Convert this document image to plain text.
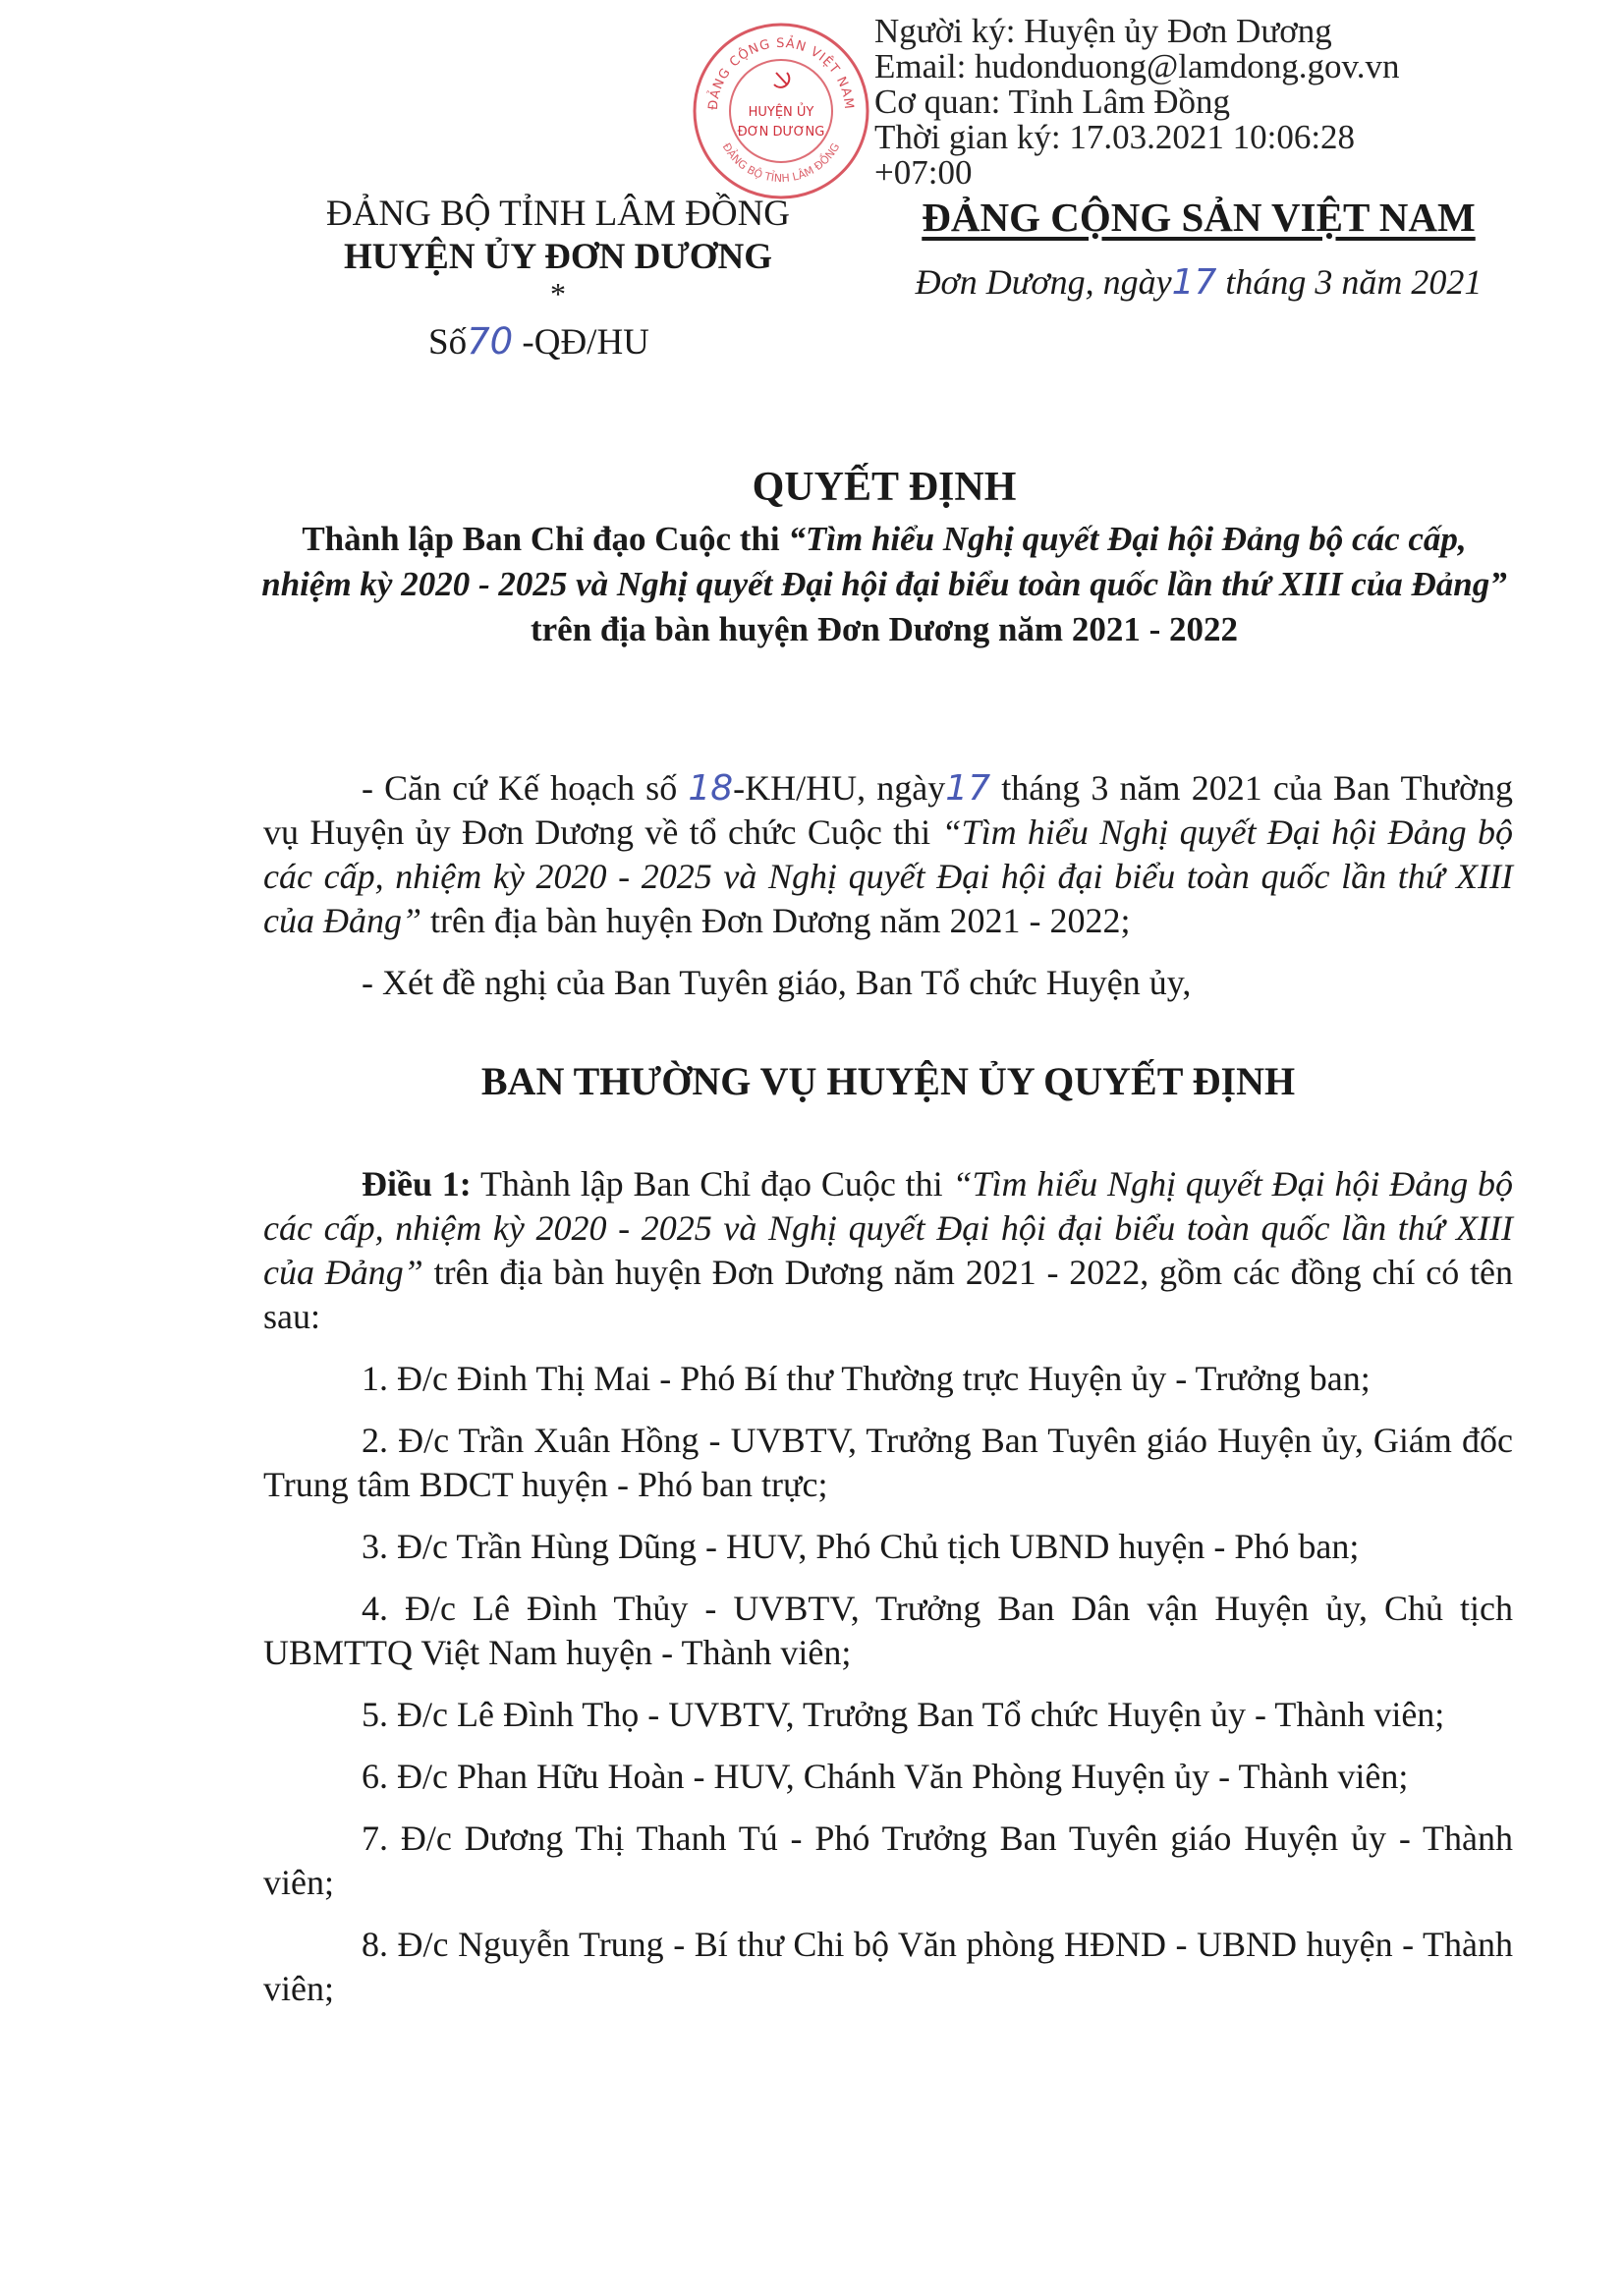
ĐẢNG CỘNG SẢN VIỆT NAM
ĐẢNG BỘ TỈNH LÂM ĐỒNG
HUYỆN ỦY
ĐƠN DƯƠNG
Người ký: Huyện ủy Đơn Dương
Email: hudonduong@lamdong.gov.vn
Cơ quan: Tỉnh Lâm Đồng
Thời gian ký: 17.03.2021 10:06:28
+07:00
ĐẢNG BỘ TỈNH LÂM ĐỒNG
HUYỆN ỦY ĐƠN DƯƠNG
*
Số70 -QĐ/HU
ĐẢNG CỘNG SẢN VIỆT NAM
Đơn Dương, ngày17 tháng 3 năm 2021
QUYẾT ĐỊNH
Thành lập Ban Chỉ đạo Cuộc thi “Tìm hiểu Nghị quyết Đại hội Đảng bộ các cấp, nhiệm kỳ 2020 - 2025 và Nghị quyết Đại hội đại biểu toàn quốc lần thứ XIII của Đảng” trên địa bàn huyện Đơn Dương năm 2021 - 2022

- Căn cứ Kế hoạch số 18-KH/HU, ngày17 tháng 3 năm 2021 của Ban Thường vụ Huyện ủy Đơn Dương về tổ chức Cuộc thi “Tìm hiểu Nghị quyết Đại hội Đảng bộ các cấp, nhiệm kỳ 2020 - 2025 và Nghị quyết Đại hội đại biểu toàn quốc lần thứ XIII của Đảng” trên địa bàn huyện Đơn Dương năm 2021 - 2022;

- Xét đề nghị của Ban Tuyên giáo, Ban Tổ chức Huyện ủy,

BAN THƯỜNG VỤ HUYỆN ỦY QUYẾT ĐỊNH

Điều 1: Thành lập Ban Chỉ đạo Cuộc thi “Tìm hiểu Nghị quyết Đại hội Đảng bộ các cấp, nhiệm kỳ 2020 - 2025 và Nghị quyết Đại hội đại biểu toàn quốc lần thứ XIII của Đảng” trên địa bàn huyện Đơn Dương năm 2021 - 2022, gồm các đồng chí có tên sau:

1. Đ/c Đinh Thị Mai - Phó Bí thư Thường trực Huyện ủy - Trưởng ban;

2. Đ/c Trần Xuân Hồng - UVBTV, Trưởng Ban Tuyên giáo Huyện ủy, Giám đốc Trung tâm BDCT huyện - Phó ban trực;

3. Đ/c Trần Hùng Dũng - HUV, Phó Chủ tịch UBND huyện - Phó ban;

4. Đ/c Lê Đình Thủy - UVBTV, Trưởng Ban Dân vận Huyện ủy, Chủ tịch UBMTTQ Việt Nam huyện - Thành viên;

5. Đ/c Lê Đình Thọ - UVBTV, Trưởng Ban Tổ chức Huyện ủy - Thành viên;

6. Đ/c Phan Hữu Hoàn - HUV, Chánh Văn Phòng Huyện ủy - Thành viên;

7. Đ/c Dương Thị Thanh Tú - Phó Trưởng Ban Tuyên giáo Huyện ủy - Thành viên;

8. Đ/c Nguyễn Trung - Bí thư Chi bộ Văn phòng HĐND - UBND huyện - Thành viên;
